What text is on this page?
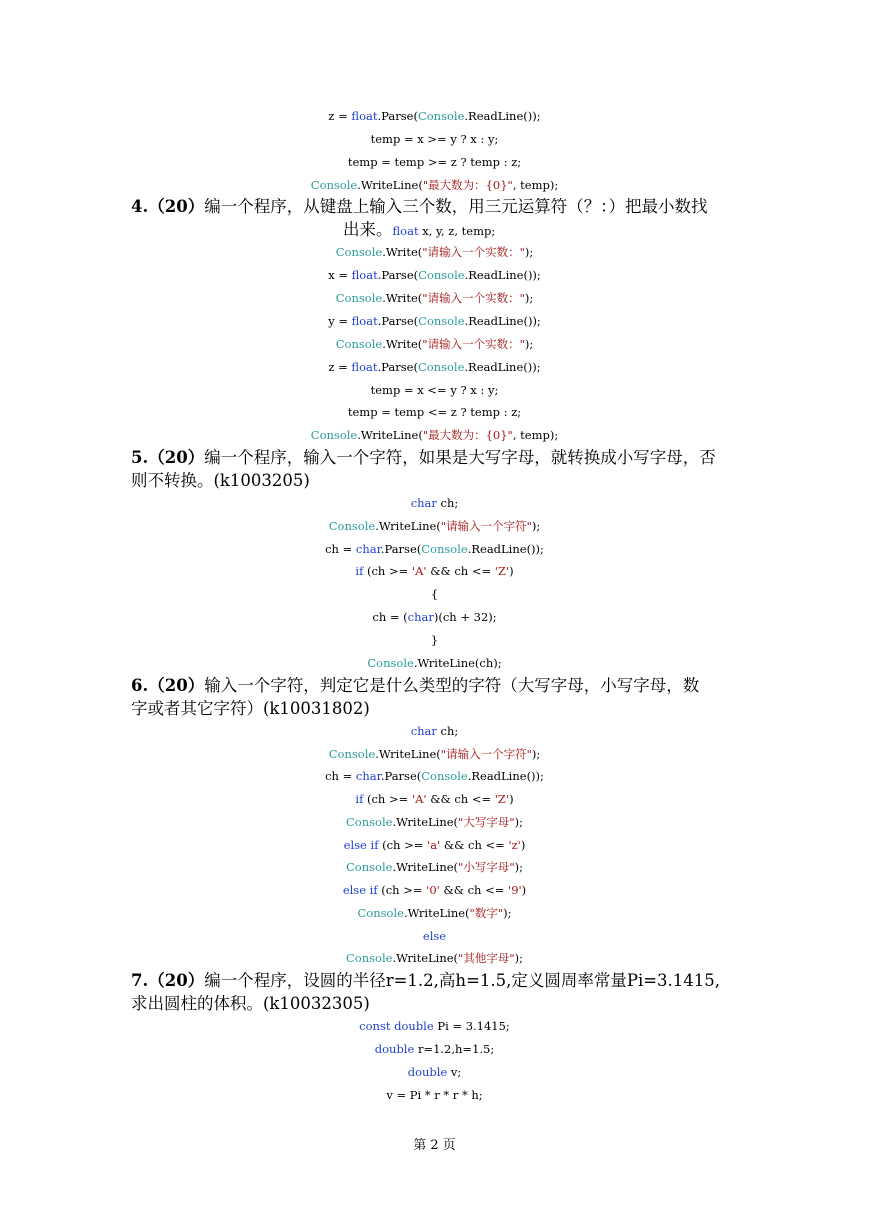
z = float.Parse(Console.ReadLine());
temp = x >= y ? x : y;
temp = temp >= z ? temp : z;
Console.WriteLine("最大数为：{0}", temp);
4.（20）编一个程序，从键盘上输入三个数，用三元运算符（？：）把最小数找
出来。float x, y, z, temp;
Console.Write("请输入一个实数：");
x = float.Parse(Console.ReadLine());
Console.Write("请输入一个实数：");
y = float.Parse(Console.ReadLine());
Console.Write("请输入一个实数：");
z = float.Parse(Console.ReadLine());
temp = x <= y ? x : y;
temp = temp <= z ? temp : z;
Console.WriteLine("最大数为：{0}", temp);
5.（20）编一个程序，输入一个字符，如果是大写字母，就转换成小写字母，否
则不转换。(k1003205)
char ch;
Console.WriteLine("请输入一个字符");
ch = char.Parse(Console.ReadLine());
if (ch >= 'A' && ch <= 'Z')
{
ch = (char)(ch + 32);
}
Console.WriteLine(ch);
6.（20）输入一个字符，判定它是什么类型的字符（大写字母，小写字母，数
字或者其它字符）(k10031802)
char ch;
Console.WriteLine("请输入一个字符");
ch = char.Parse(Console.ReadLine());
if (ch >= 'A' && ch <= 'Z')
Console.WriteLine("大写字母");
else if (ch >= 'a' && ch <= 'z')
Console.WriteLine("小写字母");
else if (ch >= '0' && ch <= '9')
Console.WriteLine("数字");
else
Console.WriteLine("其他字母");
7.（20）编一个程序，设圆的半径r=1.2,高h=1.5,定义圆周率常量Pi=3.1415,
求出圆柱的体积。(k10032305)
const double Pi = 3.1415;
double r=1.2,h=1.5;
double v;
v = Pi * r * r * h;
第 2 页
